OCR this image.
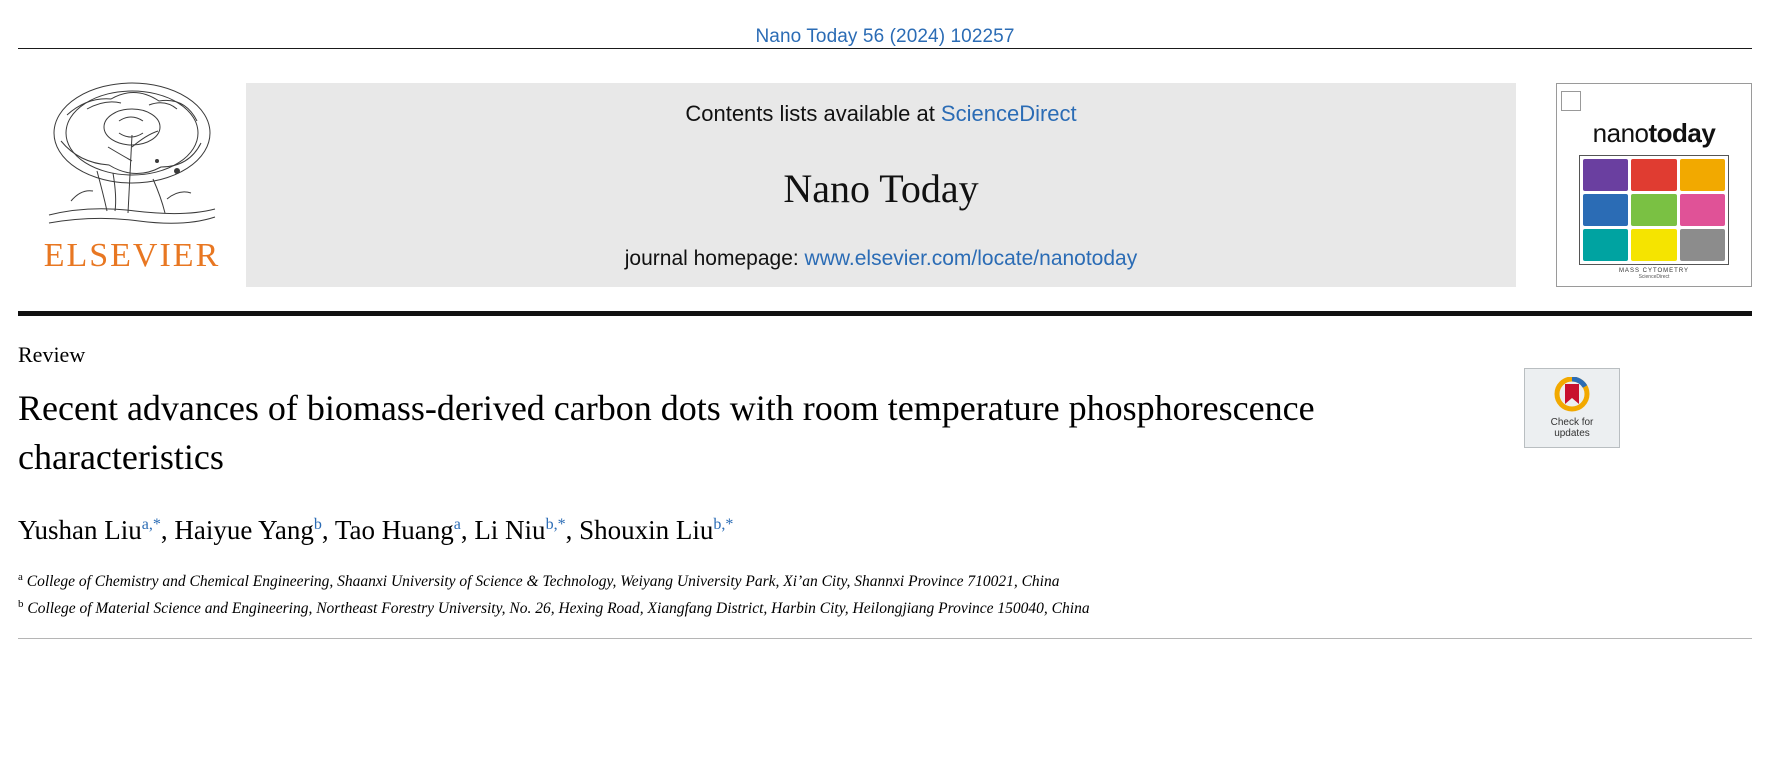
Nano Today 56 (2024) 102257
ELSEVIER
Contents lists available at ScienceDirect
Nano Today
journal homepage: www.elsevier.com/locate/nanotoday
nanotoday
MASS CYTOMETRY
ScienceDirect
Check for
updates
Review
Recent advances of biomass-derived carbon dots with room temperature phosphorescence characteristics
Yushan Liu$^{a,*}$, Haiyue Yang$^b$, Tao Huang$^a$, Li Niu$^{b,*}$, Shouxin Liu$^{b,*}$
$^a$ College of Chemistry and Chemical Engineering, Shaanxi University of Science & Technology, Weiyang University Park, Xi’an City, Shannxi Province 710021, China
$^b$ College of Material Science and Engineering, Northeast Forestry University, No. 26, Hexing Road, Xiangfang District, Harbin City, Heilongjiang Province 150040, China
